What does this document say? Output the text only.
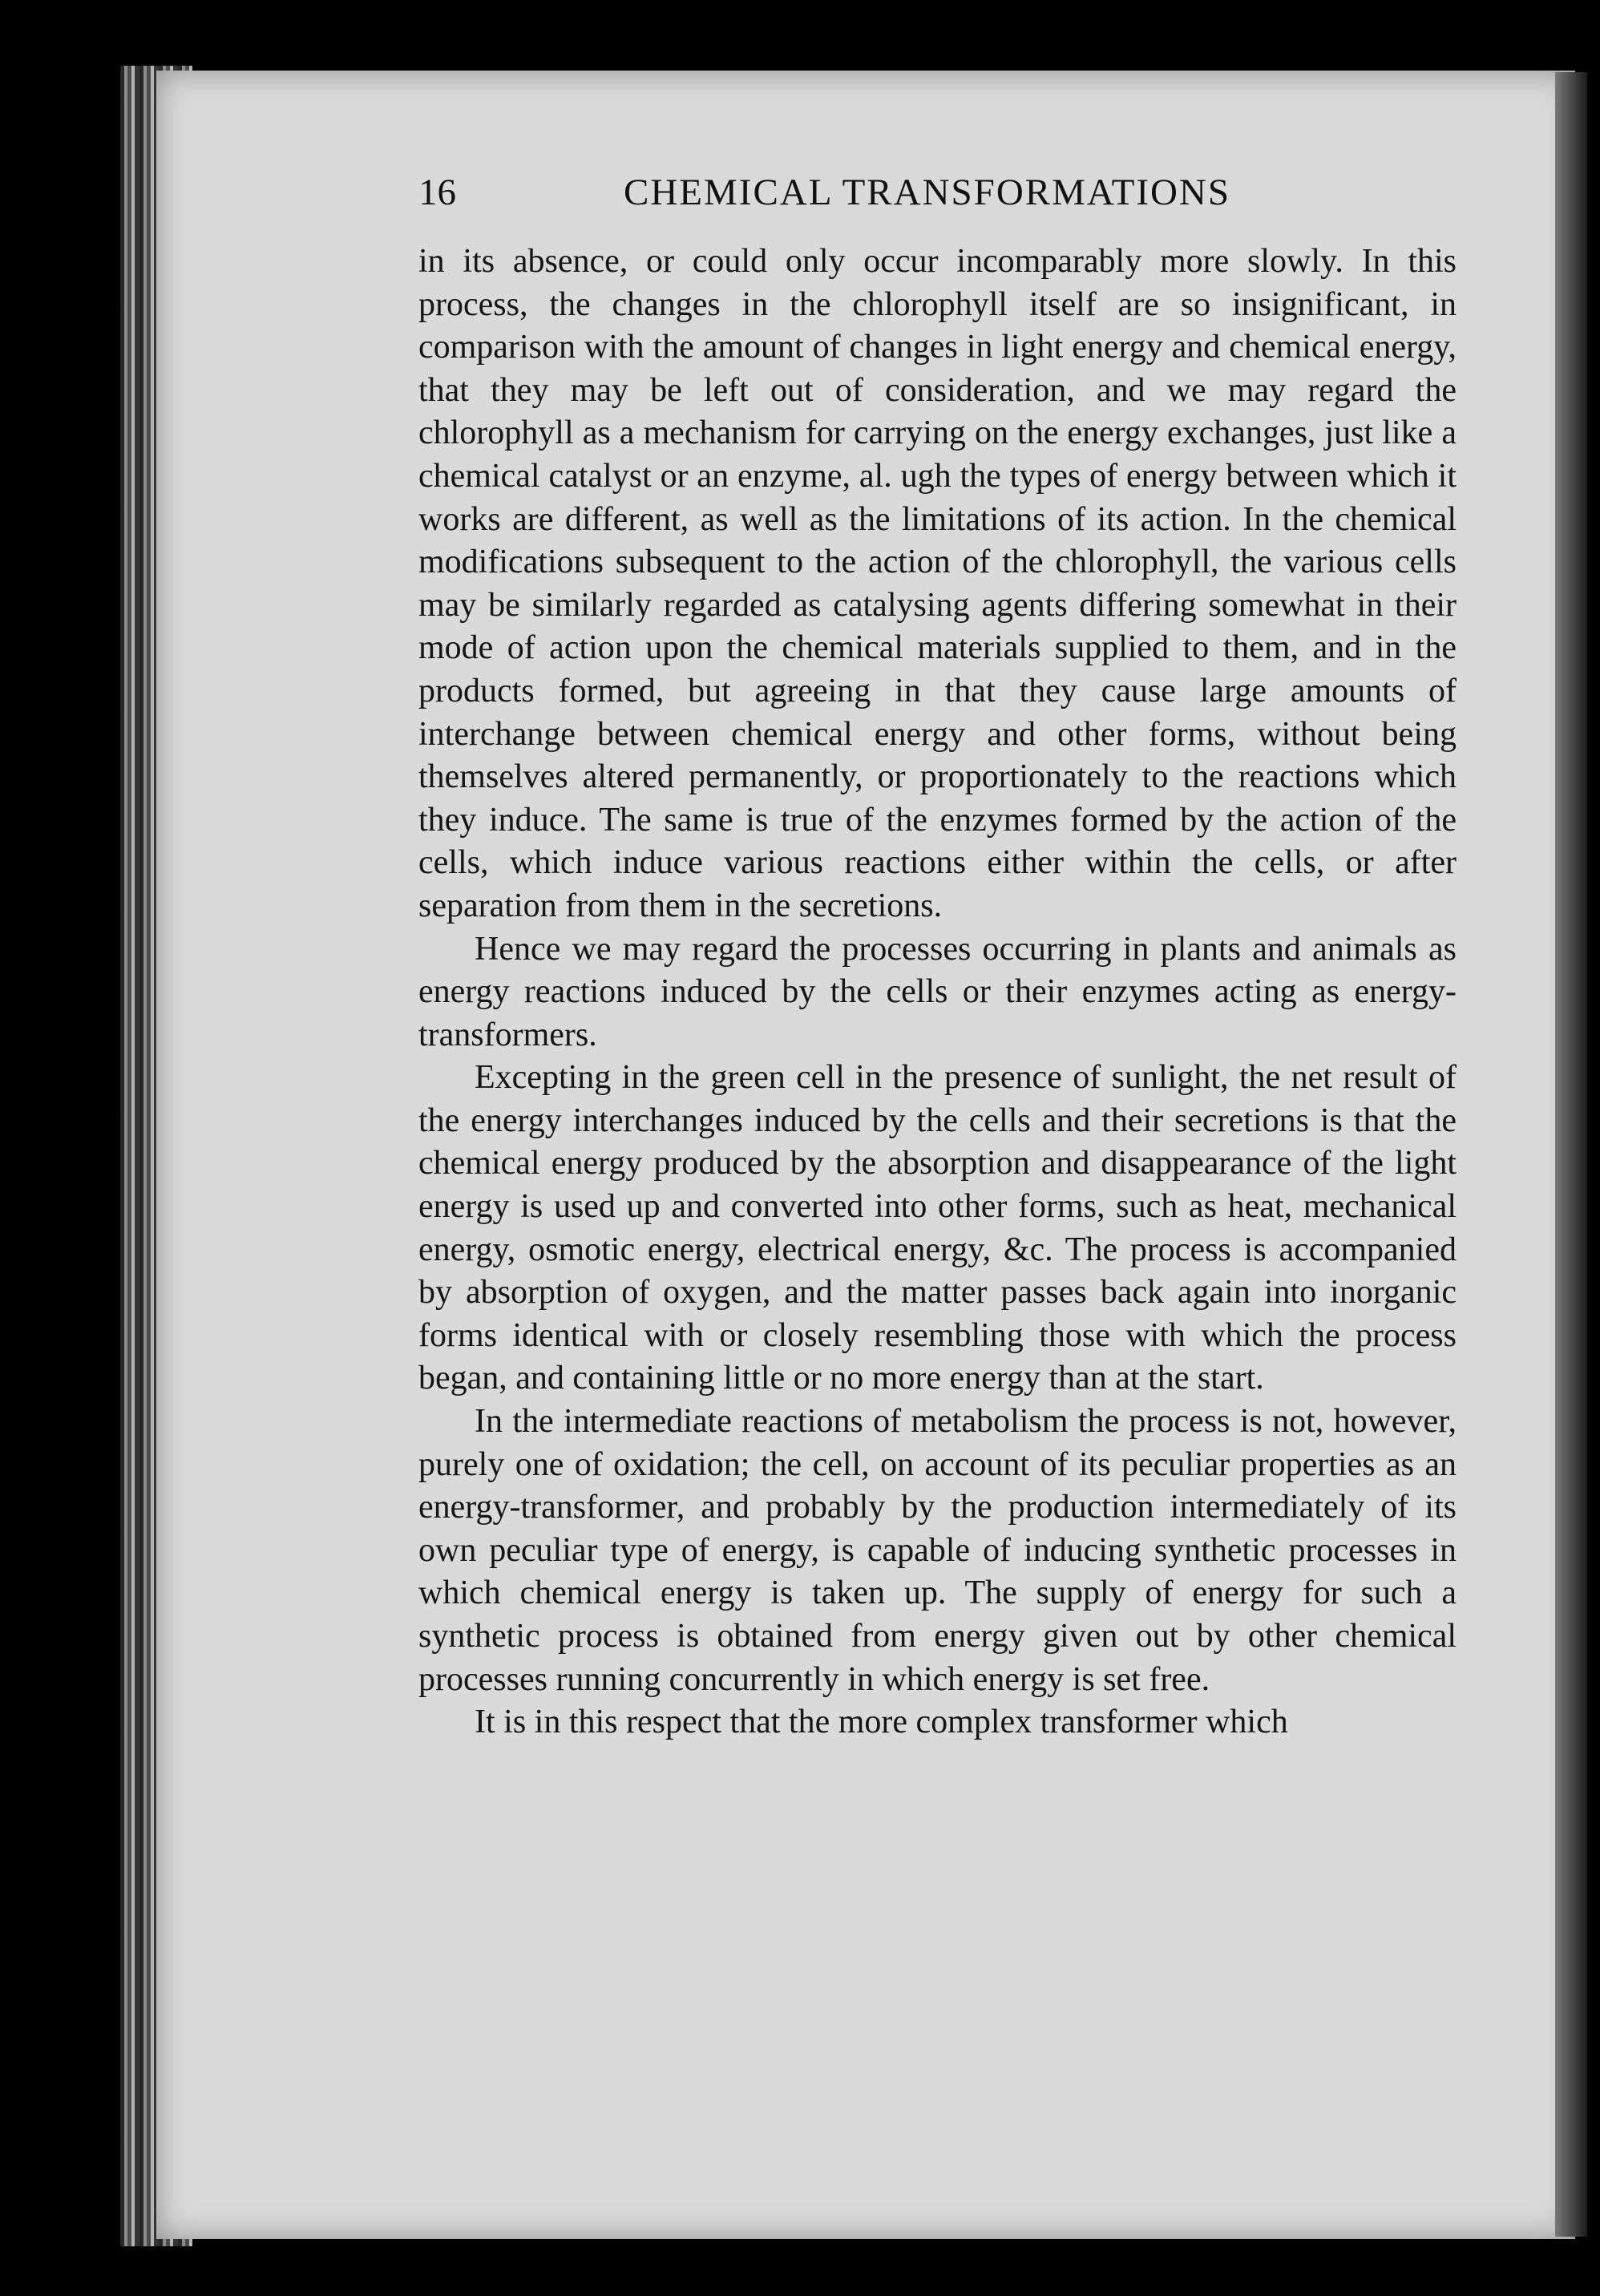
16	CHEMICAL TRANSFORMATIONS

in its absence, or could only occur incomparably more slowly. In this process, the changes in the chlorophyll itself are so insignificant, in comparison with the amount of changes in light energy and chemical energy, that they may be left out of consideration, and we may regard the chlorophyll as a mechanism for carrying on the energy exchanges, just like a chemical catalyst or an enzyme, al. ugh the types of energy between which it works are different, as well as the limitations of its action. In the chemical modifications subsequent to the action of the chlorophyll, the various cells may be similarly regarded as catalysing agents differing somewhat in their mode of action upon the chemical materials supplied to them, and in the products formed, but agreeing in that they cause large amounts of interchange between chemical energy and other forms, without being themselves altered permanently, or proportionately to the reactions which they induce. The same is true of the enzymes formed by the action of the cells, which induce various reactions either within the cells, or after separation from them in the secretions.

Hence we may regard the processes occurring in plants and animals as energy reactions induced by the cells or their enzymes acting as energy-transformers.

Excepting in the green cell in the presence of sunlight, the net result of the energy interchanges induced by the cells and their secretions is that the chemical energy produced by the absorption and disappearance of the light energy is used up and converted into other forms, such as heat, mechanical energy, osmotic energy, electrical energy, &c. The process is accompanied by absorption of oxygen, and the matter passes back again into inorganic forms identical with or closely resembling those with which the process began, and containing little or no more energy than at the start.

In the intermediate reactions of metabolism the process is not, however, purely one of oxidation; the cell, on account of its peculiar properties as an energy-transformer, and probably by the production intermediately of its own peculiar type of energy, is capable of inducing synthetic processes in which chemical energy is taken up. The supply of energy for such a synthetic process is obtained from energy given out by other chemical processes running concurrently in which energy is set free.

It is in this respect that the more complex transformer which
